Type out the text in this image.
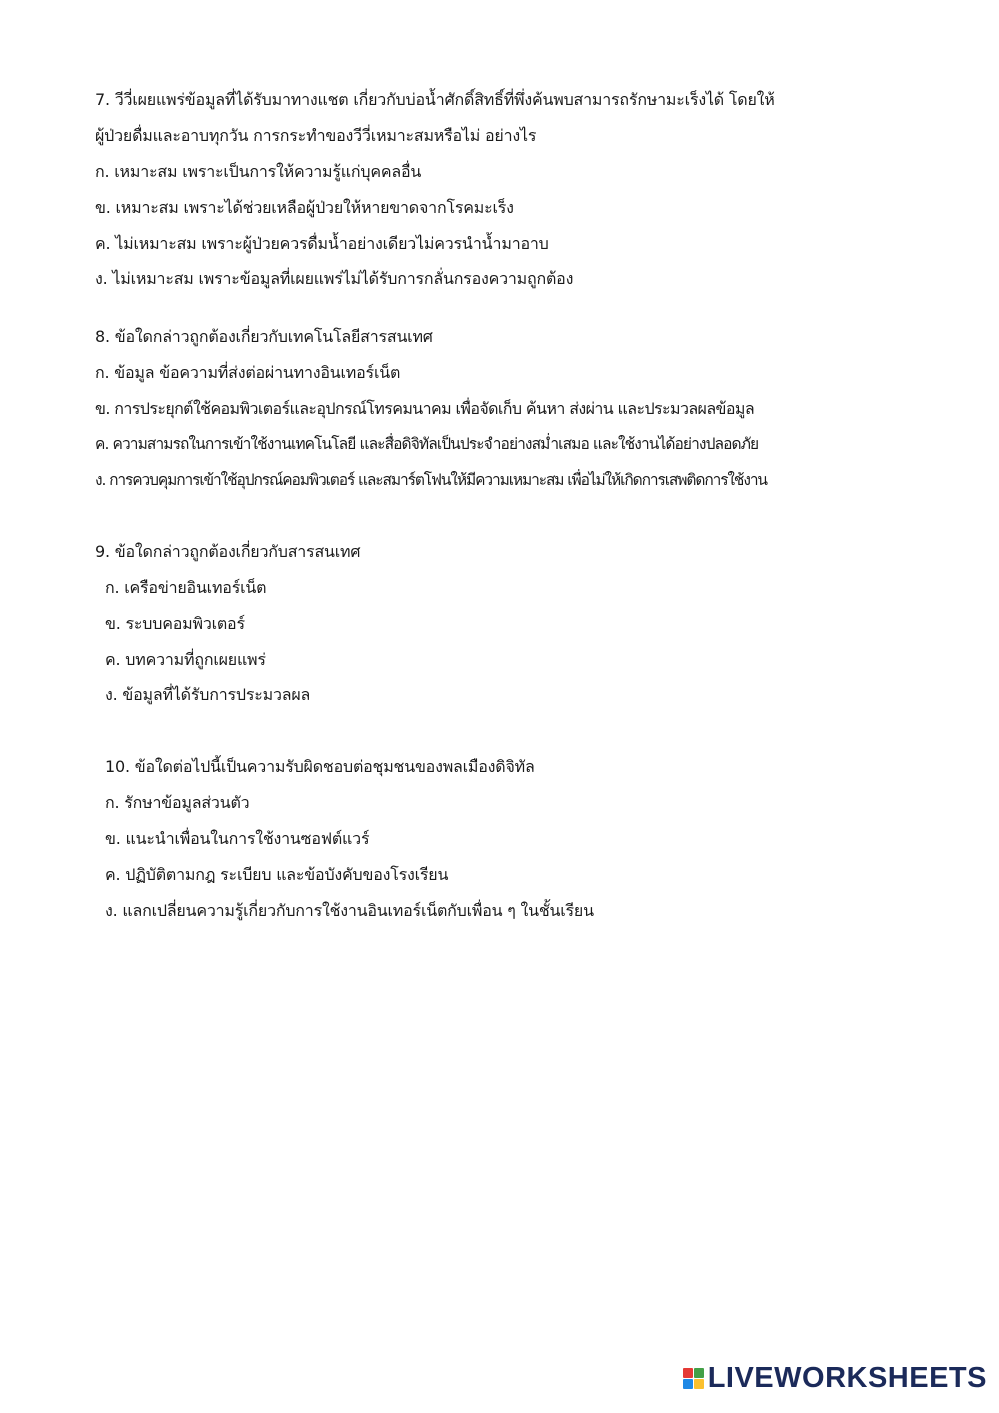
7. วีวี่เผยแพร่ข้อมูลที่ได้รับมาทางแชต เกี่ยวกับบ่อน้ำศักดิ์สิทธิ์ที่พึ่งค้นพบสามารถรักษามะเร็งได้ โดยให้
ผู้ป่วยดื่มและอาบทุกวัน การกระทำของวีวี่เหมาะสมหรือไม่ อย่างไร
ก. เหมาะสม เพราะเป็นการให้ความรู้แก่บุคคลอื่น
ข. เหมาะสม เพราะได้ช่วยเหลือผู้ป่วยให้หายขาดจากโรคมะเร็ง
ค. ไม่เหมาะสม เพราะผู้ป่วยควรดื่มน้ำอย่างเดียวไม่ควรนำน้ำมาอาบ
ง. ไม่เหมาะสม เพราะข้อมูลที่เผยแพร่ไม่ได้รับการกลั่นกรองความถูกต้อง
8. ข้อใดกล่าวถูกต้องเกี่ยวกับเทคโนโลยีสารสนเทศ
ก. ข้อมูล ข้อความที่ส่งต่อผ่านทางอินเทอร์เน็ต
ข. การประยุกต์ใช้คอมพิวเตอร์และอุปกรณ์โทรคมนาคม เพื่อจัดเก็บ ค้นหา ส่งผ่าน และประมวลผลข้อมูล
ค. ความสามรถในการเข้าใช้งานเทคโนโลยี และสื่อดิจิทัลเป็นประจำอย่างสม่ำเสมอ และใช้งานได้อย่างปลอดภัย
ง. การควบคุมการเข้าใช้อุปกรณ์คอมพิวเตอร์ และสมาร์ตโฟนให้มีความเหมาะสม เพื่อไม่ให้เกิดการเสพติดการใช้งาน
9. ข้อใดกล่าวถูกต้องเกี่ยวกับสารสนเทศ
ก. เครือข่ายอินเทอร์เน็ต
ข. ระบบคอมพิวเตอร์
ค. บทความที่ถูกเผยแพร่
ง. ข้อมูลที่ได้รับการประมวลผล
10. ข้อใดต่อไปนี้เป็นความรับผิดชอบต่อชุมชนของพลเมืองดิจิทัล
ก. รักษาข้อมูลส่วนตัว
ข. แนะนำเพื่อนในการใช้งานซอฟต์แวร์
ค. ปฏิบัติตามกฎ ระเบียบ และข้อบังคับของโรงเรียน
ง. แลกเปลี่ยนความรู้เกี่ยวกับการใช้งานอินเทอร์เน็ตกับเพื่อน ๆ ในชั้นเรียน
LIVEWORKSHEETS
